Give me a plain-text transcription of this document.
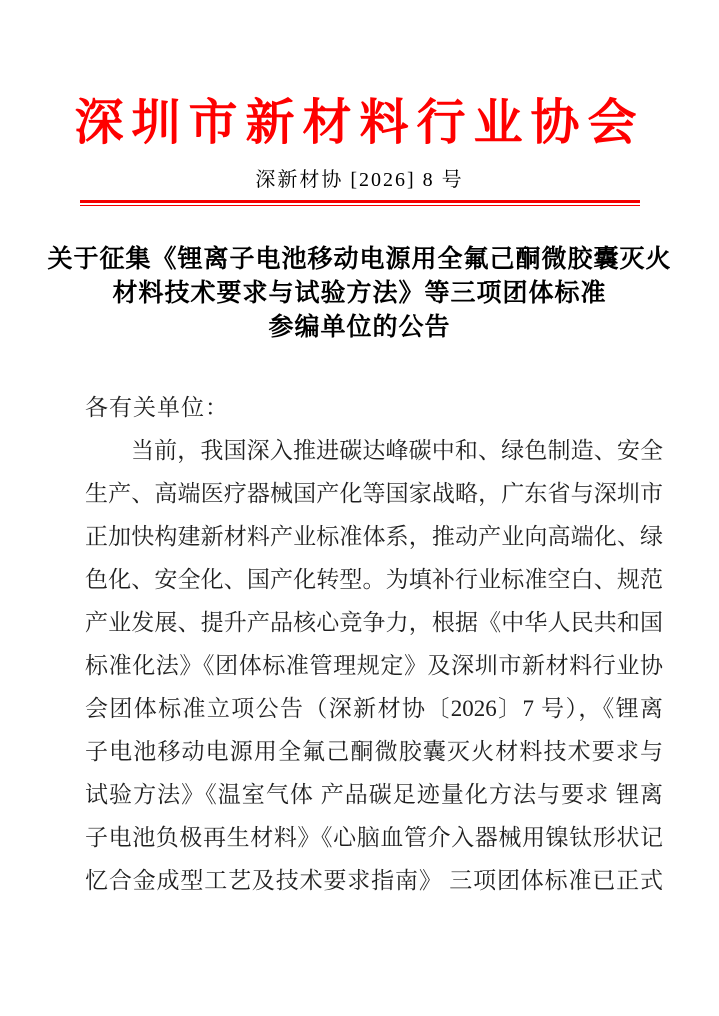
深圳市新材料行业协会
深新材协 [2026] 8 号
关于征集《锂离子电池移动电源用全氟己酮微胶囊灭火
材料技术要求与试验方法》等三项团体标准
参编单位的公告
各有关单位：
当前，我国深入推进碳达峰碳中和、绿色制造、安全
生产、高端医疗器械国产化等国家战略，广东省与深圳市
正加快构建新材料产业标准体系，推动产业向高端化、绿
色化、安全化、国产化转型。为填补行业标准空白、规范
产业发展、提升产品核心竞争力，根据《中华人民共和国
标准化法》《团体标准管理规定》及深圳市新材料行业协
会团体标准立项公告（深新材协〔2026〕7 号），《锂离
子电池移动电源用全氟己酮微胶囊灭火材料技术要求与
试验方法》《温室气体 产品碳足迹量化方法与要求 锂离
子电池负极再生材料》《心脑血管介入器械用镍钛形状记
忆合金成型工艺及技术要求指南》 三项团体标准已正式
